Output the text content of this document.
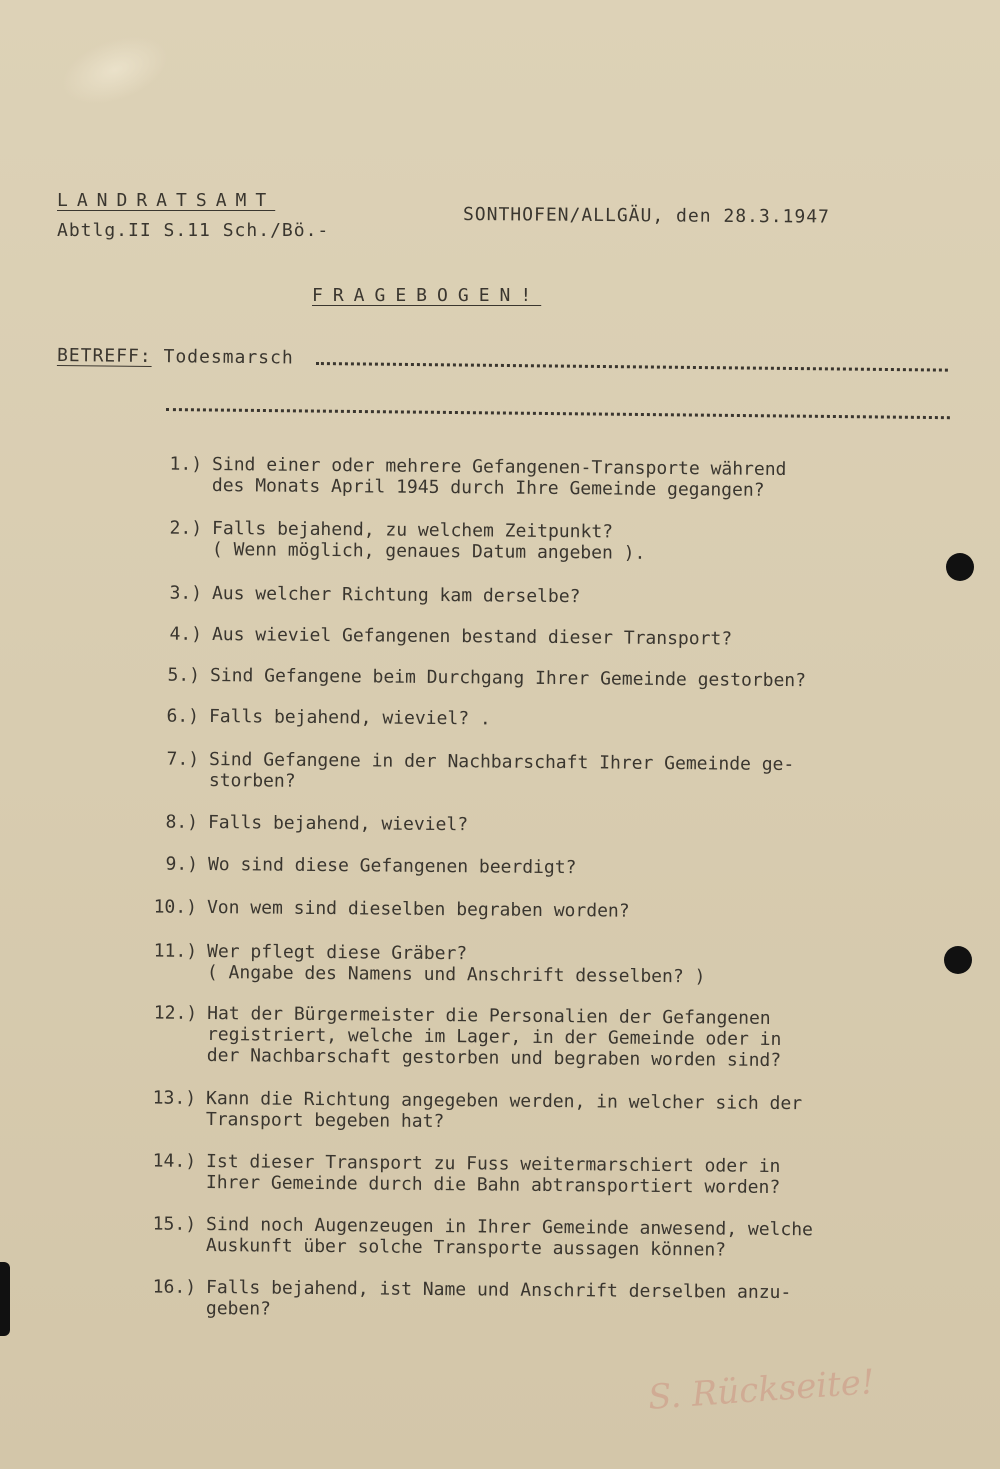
LANDRATSAMT
Abtlg.II S.11 Sch./Bö.-
SONTHOFEN/ALLGÄU, den 28.3.1947
FRAGEBOGEN!
BETREFF: Todesmarsch
1.) Sind einer oder mehrere Gefangenen-Transporte während
des Monats April 1945 durch Ihre Gemeinde gegangen?
2.) Falls bejahend, zu welchem Zeitpunkt?
( Wenn möglich, genaues Datum angeben ).
3.) Aus welcher Richtung kam derselbe?
4.) Aus wieviel Gefangenen bestand dieser Transport?
5.) Sind Gefangene beim Durchgang Ihrer Gemeinde gestorben?
6.) Falls bejahend, wieviel? .
7.) Sind Gefangene in der Nachbarschaft Ihrer Gemeinde ge-
storben?
8.) Falls bejahend, wieviel?
9.) Wo sind diese Gefangenen beerdigt?
10.) Von wem sind dieselben begraben worden?
11.) Wer pflegt diese Gräber?
( Angabe des Namens und Anschrift desselben? )
12.) Hat der Bürgermeister die Personalien der Gefangenen
registriert, welche im Lager, in der Gemeinde oder in
der Nachbarschaft gestorben und begraben worden sind?
13.) Kann die Richtung angegeben werden, in welcher sich der
Transport begeben hat?
14.) Ist dieser Transport zu Fuss weitermarschiert oder in
Ihrer Gemeinde durch die Bahn abtransportiert worden?
15.) Sind noch Augenzeugen in Ihrer Gemeinde anwesend, welche
Auskunft über solche Transporte aussagen können?
16.) Falls bejahend, ist Name und Anschrift derselben anzu-
geben?
S. Rückseite!
